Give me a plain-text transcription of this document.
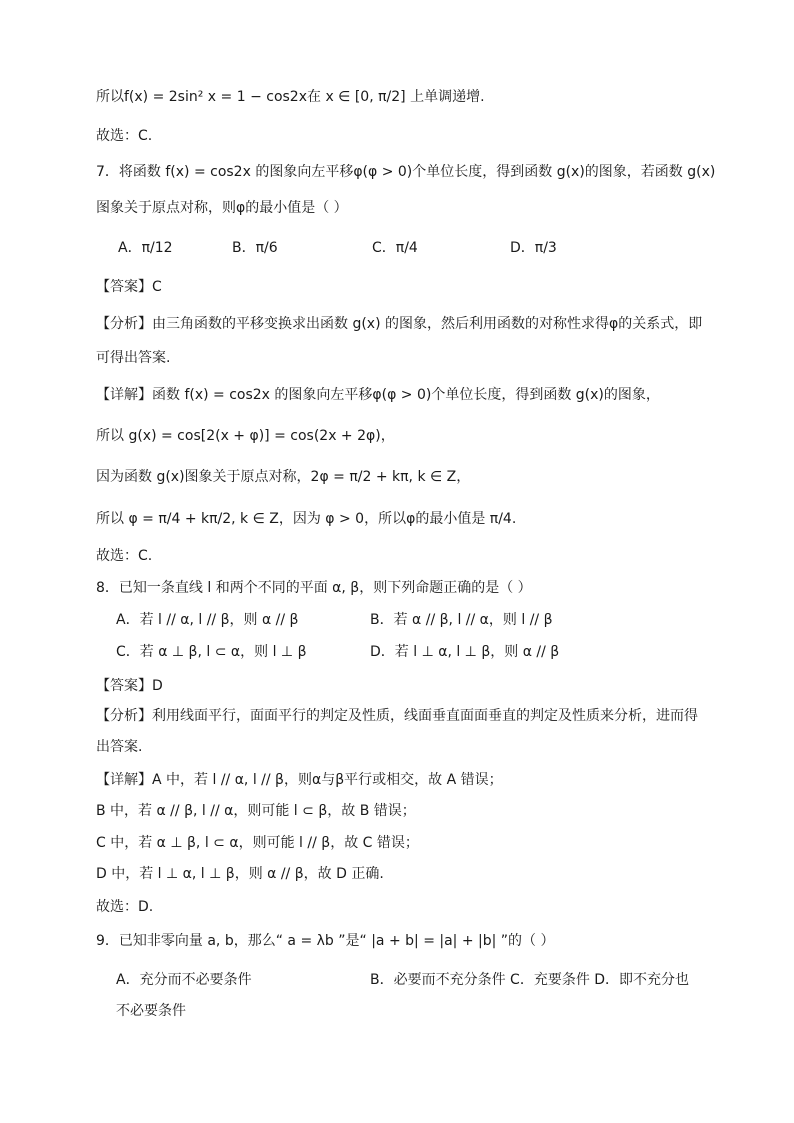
所以f(x) = 2sin² x = 1 − cos2x在 x ∈ [0, π/2] 上单调递增.
故选：C.
7．将函数 f(x) = cos2x 的图象向左平移φ(φ > 0)个单位长度，得到函数 g(x)的图象，若函数 g(x)
图象关于原点对称，则φ的最小值是（ ）
A．π/12	B．π/6	C．π/4	D．π/3
【答案】C
【分析】由三角函数的平移变换求出函数 g(x) 的图象，然后利用函数的对称性求得φ的关系式，即
可得出答案.
【详解】函数 f(x) = cos2x 的图象向左平移φ(φ > 0)个单位长度，得到函数 g(x)的图象，
所以 g(x) = cos[2(x + φ)] = cos(2x + 2φ)，
因为函数 g(x)图象关于原点对称，2φ = π/2 + kπ, k ∈ Z，
所以 φ = π/4 + kπ/2, k ∈ Z，因为 φ > 0，所以φ的最小值是 π/4.
故选：C.
8．已知一条直线 l 和两个不同的平面 α, β，则下列命题正确的是（ ）
A．若 l // α, l // β，则 α // β	B．若 α // β, l // α，则 l // β
C．若 α ⊥ β, l ⊂ α，则 l ⊥ β	D．若 l ⊥ α, l ⊥ β，则 α // β
【答案】D
【分析】利用线面平行，面面平行的判定及性质，线面垂直面面垂直的判定及性质来分析，进而得
出答案.
【详解】A 中，若 l // α, l // β，则α与β平行或相交，故 A 错误；
B 中，若 α // β, l // α，则可能 l ⊂ β，故 B 错误；
C 中，若 α ⊥ β, l ⊂ α，则可能 l // β，故 C 错误；
D 中，若 l ⊥ α, l ⊥ β，则 α // β，故 D 正确.
故选：D.
9．已知非零向量 a, b，那么“ a = λb ”是“ |a + b| = |a| + |b| ”的（ ）
A．充分而不必要条件	B．必要而不充分条件 C．充要条件 D．即不充分也
不必要条件
